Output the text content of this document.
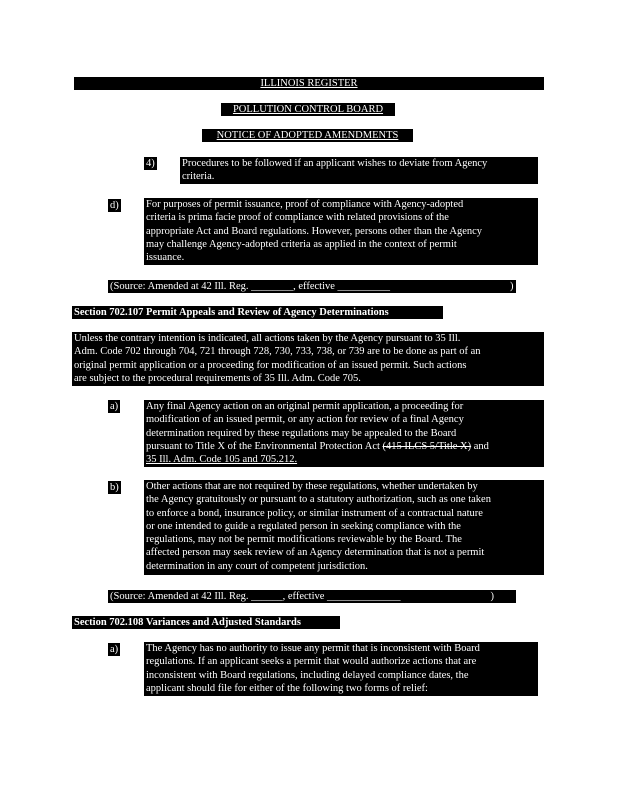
ILLINOIS REGISTER
POLLUTION CONTROL BOARD
NOTICE OF ADOPTED AMENDMENTS
4)	Procedures to be followed if an applicant wishes to deviate from Agency
criteria.
d)	For purposes of permit issuance, proof of compliance with Agency-adopted
criteria is prima facie proof of compliance with related provisions of the
appropriate Act and Board regulations. However, persons other than the Agency
may challenge Agency-adopted criteria as applied in the context of permit
issuance.
(Source: Amended at 42 Ill. Reg. ________, effective __________	)
Section 702.107 Permit Appeals and Review of Agency Determinations
Unless the contrary intention is indicated, all actions taken by the Agency pursuant to 35 Ill.
Adm. Code 702 through 704, 721 through 728, 730, 733, 738, or 739 are to be done as part of an
original permit application or a proceeding for modification of an issued permit. Such actions
are subject to the procedural requirements of 35 Ill. Adm. Code 705.
a)	Any final Agency action on an original permit application, a proceeding for
modification of an issued permit, or any action for review of a final Agency
determination required by these regulations may be appealed to the Board
pursuant to Title X of the Environmental Protection Act (415 ILCS 5/Title X) and
35 Ill. Adm. Code 105 and 705.212.
b)	Other actions that are not required by these regulations, whether undertaken by
the Agency gratuitously or pursuant to a statutory authorization, such as one taken
to enforce a bond, insurance policy, or similar instrument of a contractual nature
or one intended to guide a regulated person in seeking compliance with the
regulations, may not be permit modifications reviewable by the Board. The
affected person may seek review of an Agency determination that is not a permit
determination in any court of competent jurisdiction.
(Source: Amended at 42 Ill. Reg. ______, effective ______________	)
Section 702.108 Variances and Adjusted Standards
a)	The Agency has no authority to issue any permit that is inconsistent with Board
regulations. If an applicant seeks a permit that would authorize actions that are
inconsistent with Board regulations, including delayed compliance dates, the
applicant should file for either of the following two forms of relief:
